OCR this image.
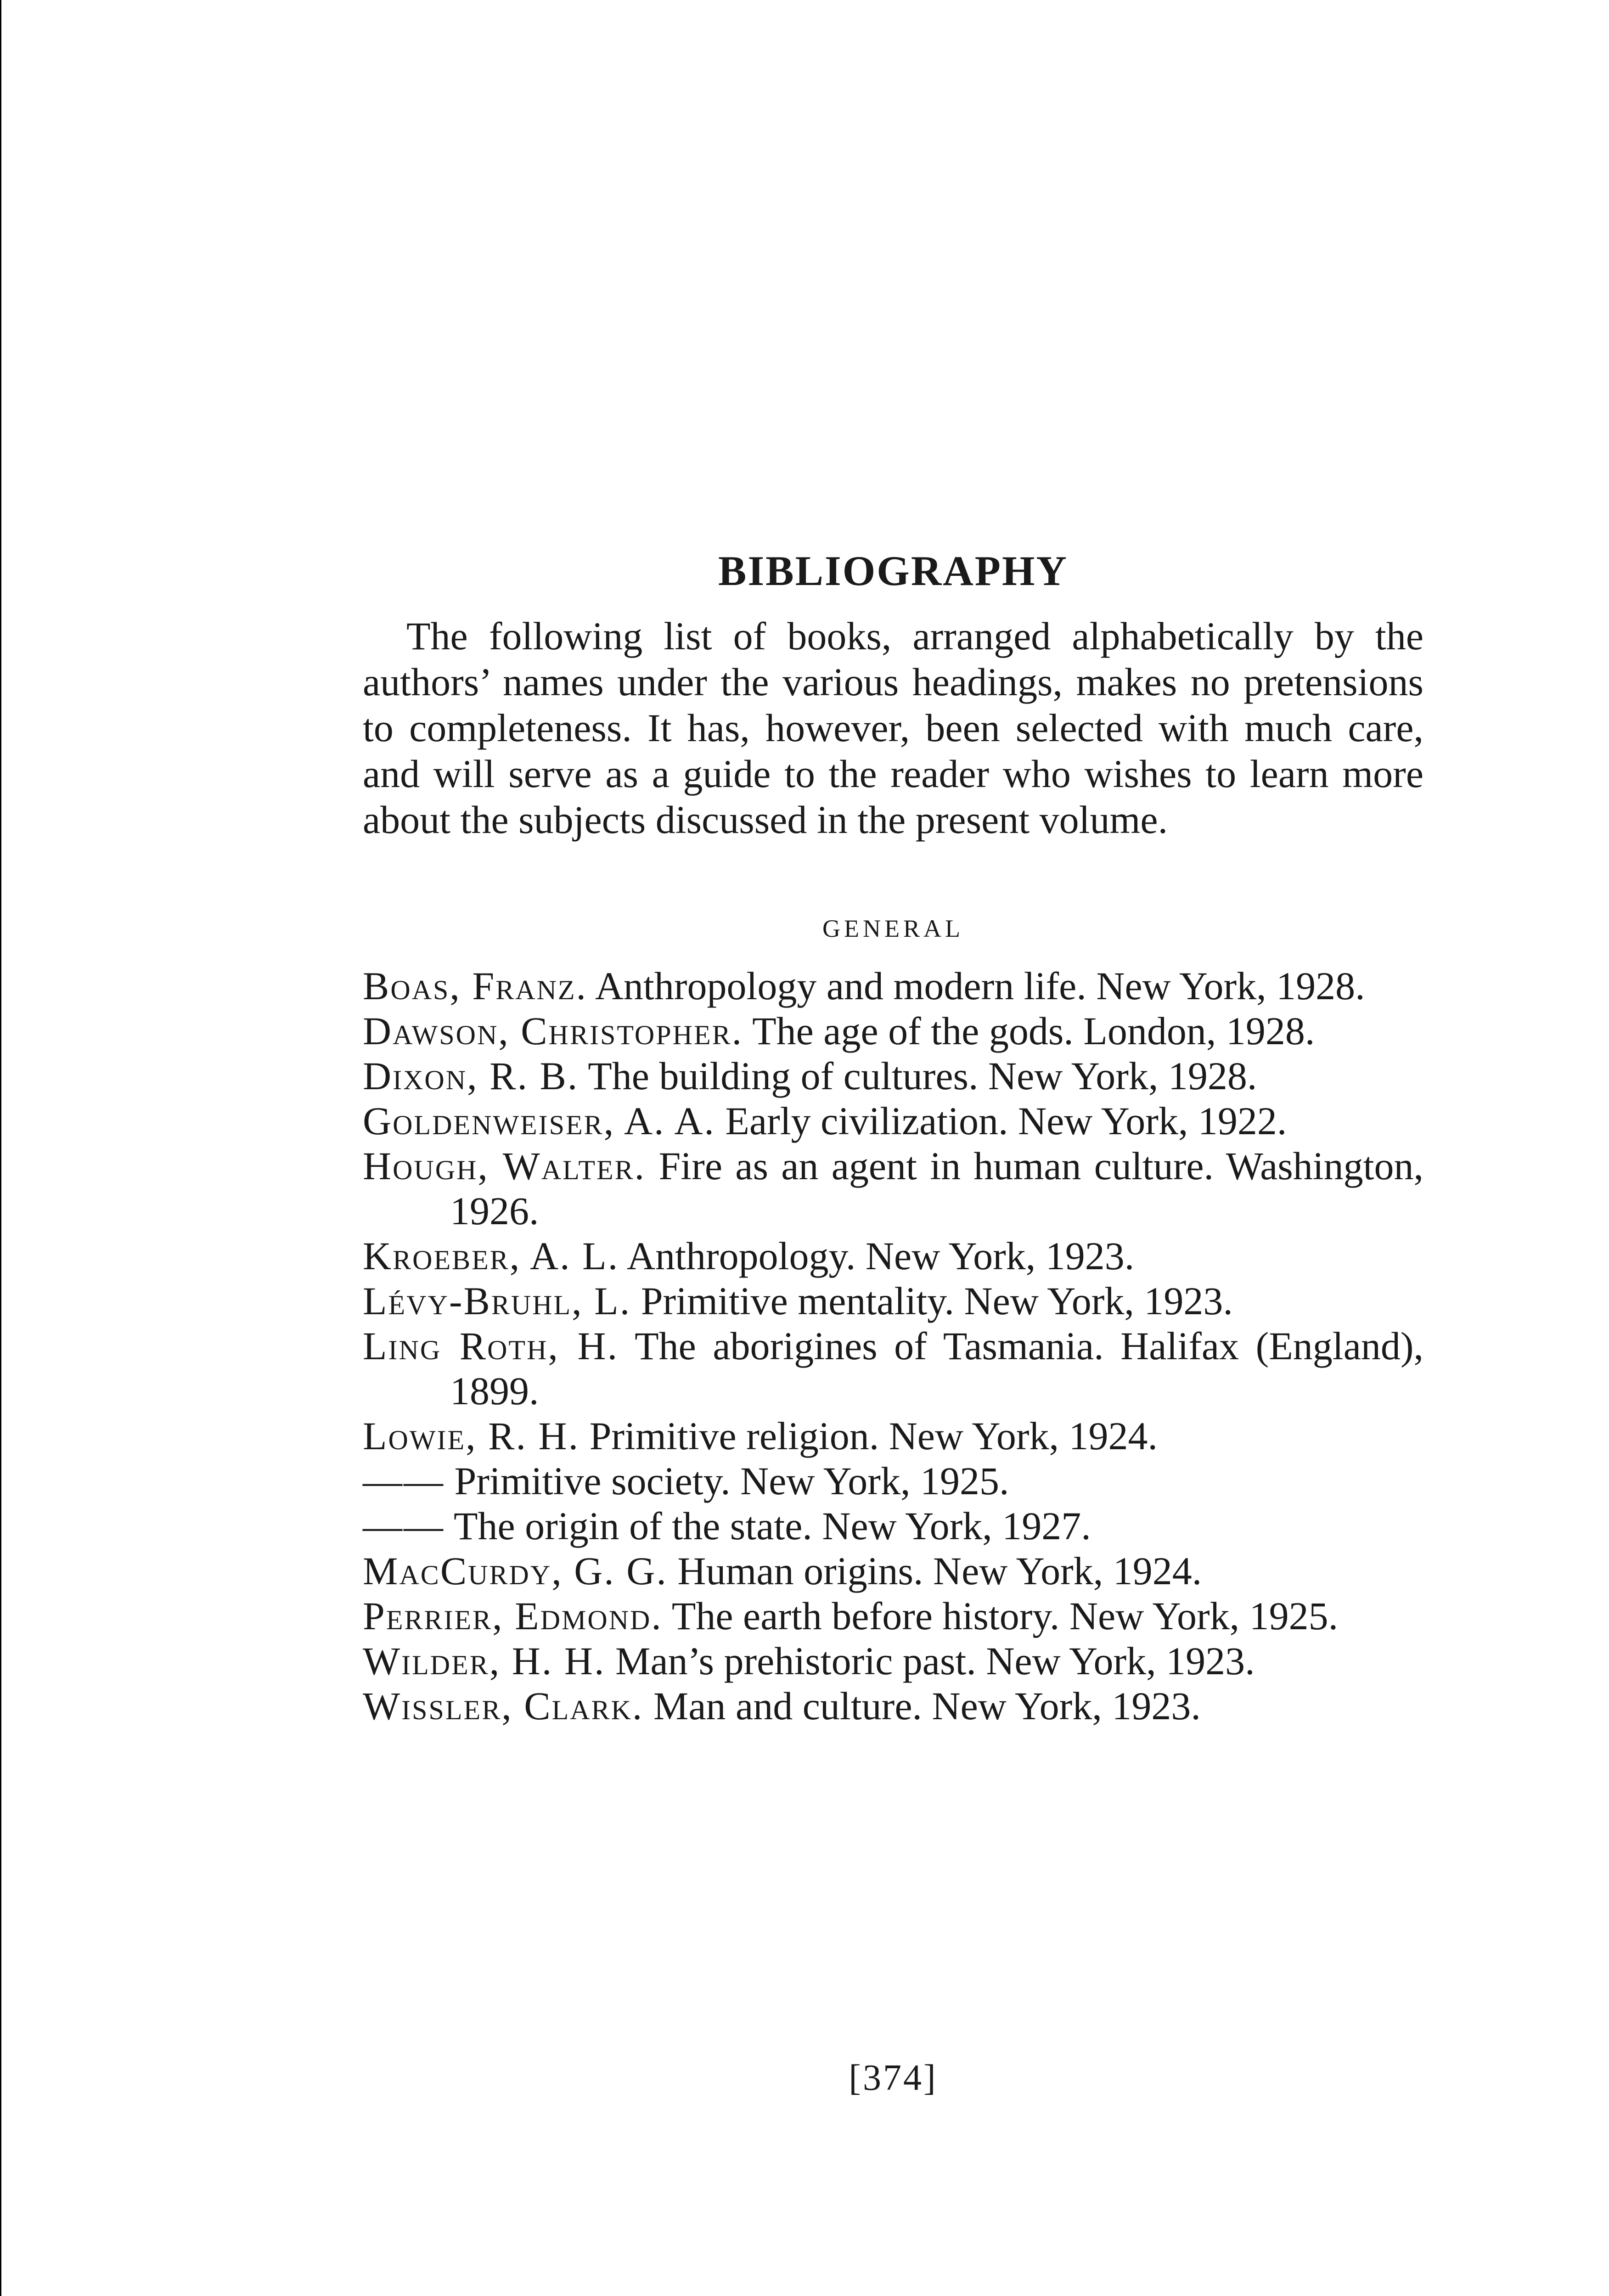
BIBLIOGRAPHY

The following list of books, arranged alphabetically by the authors’ names under the various headings, makes no pretensions to completeness. It has, however, been selected with much care, and will serve as a guide to the reader who wishes to learn more about the subjects discussed in the present volume.

GENERAL
Boas, Franz. Anthropology and modern life. New York, 1928.
Dawson, Christopher. The age of the gods. London, 1928.
Dixon, R. B. The building of cultures. New York, 1928.
Goldenweiser, A. A. Early civilization. New York, 1922.
Hough, Walter. Fire as an agent in human culture. Washington, 1926.
Kroeber, A. L. Anthropology. New York, 1923.
Lévy-Bruhl, L. Primitive mentality. New York, 1923.
Ling Roth, H. The aborigines of Tasmania. Halifax (England), 1899.
Lowie, R. H. Primitive religion. New York, 1924.
—— Primitive society. New York, 1925.
—— The origin of the state. New York, 1927.
MacCurdy, G. G. Human origins. New York, 1924.
Perrier, Edmond. The earth before history. New York, 1925.
Wilder, H. H. Man’s prehistoric past. New York, 1923.
Wissler, Clark. Man and culture. New York, 1923.
[374]
